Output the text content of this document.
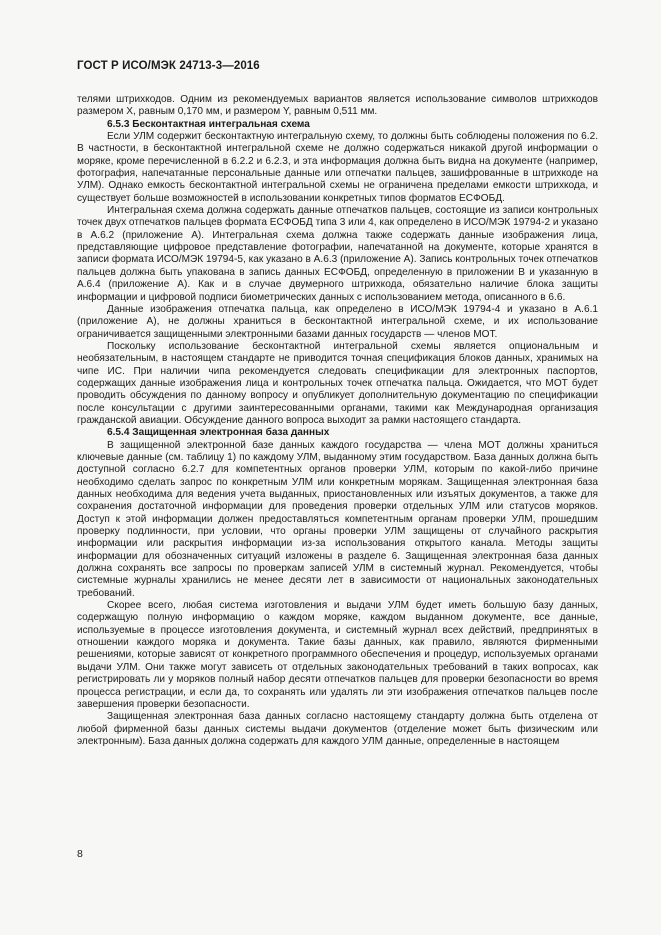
ГОСТ Р ИСО/МЭК 24713-3—2016

телями штрихкодов. Одним из рекомендуемых вариантов является использование символов штрихкодов размером X, равным 0,170 мм, и размером Y, равным 0,511 мм.

6.5.3 Бесконтактная интегральная схема

Если УЛМ содержит бесконтактную интегральную схему, то должны быть соблюдены положения по 6.2. В частности, в бесконтактной интегральной схеме не должно содержаться никакой другой информации о моряке, кроме перечисленной в 6.2.2 и 6.2.3, и эта информация должна быть видна на документе (например, фотография, напечатанные персональные данные или отпечатки пальцев, зашифрованные в штрихкоде на УЛМ). Однако емкость бесконтактной интегральной схемы не ограничена пределами емкости штрихкода, и существует больше возможностей в использовании конкретных типов форматов ЕСФОБД.

Интегральная схема должна содержать данные отпечатков пальцев, состоящие из записи контрольных точек двух отпечатков пальцев формата ЕСФОБД типа 3 или 4, как определено в ИСО/МЭК 19794-2 и указано в А.6.2 (приложение А). Интегральная схема должна также содержать данные изображения лица, представляющие цифровое представление фотографии, напечатанной на документе, которые хранятся в записи формата ИСО/МЭК 19794-5, как указано в А.6.3 (приложение А). Запись контрольных точек отпечатков пальцев должна быть упакована в запись данных ЕСФОБД, определенную в приложении В и указанную в А.6.4 (приложение А). Как и в случае двумерного штрихкода, обязательно наличие блока защиты информации и цифровой подписи биометрических данных с использованием метода, описанного в 6.6.

Данные изображения отпечатка пальца, как определено в ИСО/МЭК 19794-4 и указано в А.6.1 (приложение А), не должны храниться в бесконтактной интегральной схеме, и их использование ограничивается защищенными электронными базами данных государств — членов МОТ.

Поскольку использование бесконтактной интегральной схемы является опциональным и необязательным, в настоящем стандарте не приводится точная спецификация блоков данных, хранимых на чипе ИС. При наличии чипа рекомендуется следовать спецификации для электронных паспортов, содержащих данные изображения лица и контрольных точек отпечатка пальца. Ожидается, что МОТ будет проводить обсуждения по данному вопросу и опубликует дополнительную документацию по спецификации после консультации с другими заинтересованными органами, такими как Международная организация гражданской авиации. Обсуждение данного вопроса выходит за рамки настоящего стандарта.

6.5.4 Защищенная электронная база данных

В защищенной электронной базе данных каждого государства — члена МОТ должны храниться ключевые данные (см. таблицу 1) по каждому УЛМ, выданному этим государством. База данных должна быть доступной согласно 6.2.7 для компетентных органов проверки УЛМ, которым по какой-либо причине необходимо сделать запрос по конкретным УЛМ или конкретным морякам. Защищенная электронная база данных необходима для ведения учета выданных, приостановленных или изъятых документов, а также для сохранения достаточной информации для проведения проверки отдельных УЛМ или статусов моряков. Доступ к этой информации должен предоставляться компетентным органам проверки УЛМ, прошедшим проверку подлинности, при условии, что органы проверки УЛМ защищены от случайного раскрытия информации или раскрытия информации из-за использования открытого канала. Методы защиты информации для обозначенных ситуаций изложены в разделе 6. Защищенная электронная база данных должна сохранять все запросы по проверкам записей УЛМ в системный журнал. Рекомендуется, чтобы системные журналы хранились не менее десяти лет в зависимости от национальных законодательных требований.

Скорее всего, любая система изготовления и выдачи УЛМ будет иметь большую базу данных, содержащую полную информацию о каждом моряке, каждом выданном документе, все данные, используемые в процессе изготовления документа, и системный журнал всех действий, предпринятых в отношении каждого моряка и документа. Такие базы данных, как правило, являются фирменными решениями, которые зависят от конкретного программного обеспечения и процедур, используемых органами выдачи УЛМ. Они также могут зависеть от отдельных законодательных требований в таких вопросах, как регистрировать ли у моряков полный набор десяти отпечатков пальцев для проверки безопасности во время процесса регистрации, и если да, то сохранять или удалять ли эти изображения отпечатков пальцев после завершения проверки безопасности.

Защищенная электронная база данных согласно настоящему стандарту должна быть отделена от любой фирменной базы данных системы выдачи документов (отделение может быть физическим или электронным). База данных должна содержать для каждого УЛМ данные, определенные в настоящем

8
